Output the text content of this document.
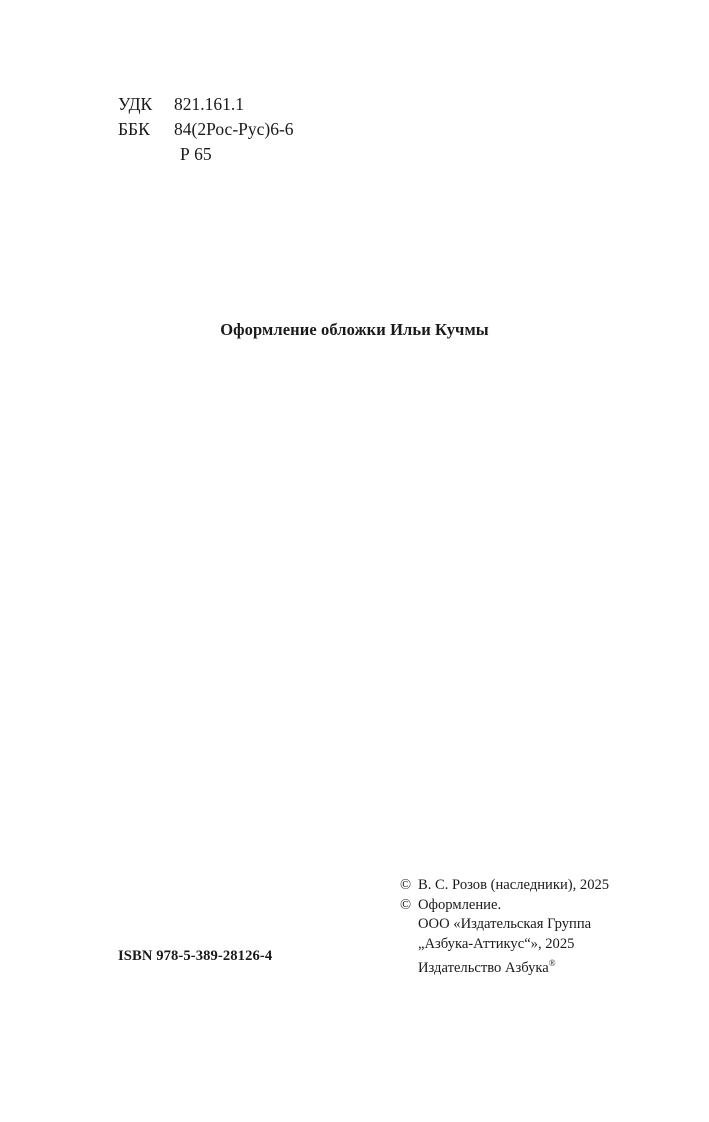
УДК	821.161.1
ББК	84(2Рос-Рус)6-6
Р 65
Оформление обложки Ильи Кучмы
© В. С. Розов (наследники), 2025
© Оформление.
ООО «Издательская Группа
„Азбука-Аттикус“», 2025
Издательство Азбука®
ISBN 978-5-389-28126-4
